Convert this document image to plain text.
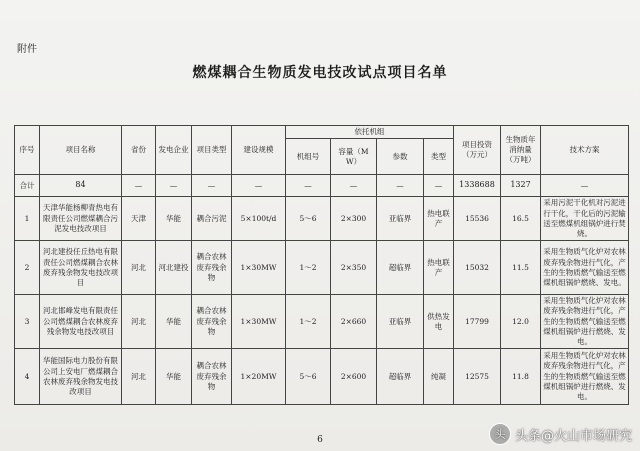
附件
燃煤耦合生物质发电技改试点项目名单
序号	项目名称	省份	发电企业	项目类型	建设规模	依托机组				项目投资（万元）	生物质年消纳量（万吨）	技术方案
						机组号	容量（MW）	参数	类型			
合计	84	—	—	—	—	—	—	—	—	1338688	1327	—
1	天津华能杨柳青热电有限责任公司燃煤耦合污泥发电技改项目	天津	华能	耦合污泥	5×100t/d	5～6	2×300	亚临界	热电联产	15536	16.5	采用污泥干化机对污泥进行干化，干化后的污泥输送至燃煤机组锅炉进行焚烧。
2	河北建投任丘热电有限责任公司燃煤耦合农林废弃残余物发电技改项目	河北	河北建投	耦合农林废弃残余物	1×30MW	1～2	2×350	超临界	热电联产	15032	11.5	采用生物质气化炉对农林废弃残余物进行气化，产生的生物质燃气输送至燃煤机组锅炉燃烧、发电。
3	河北邯峰发电有限责任公司燃煤耦合农林废弃残余物发电技改项目	河北	华能	耦合农林废弃残余物	1×30MW	1～2	2×660	亚临界	供热发电	17799	12.0	采用生物质气化炉对农林废弃残余物进行气化，产生的生物质燃气输送至燃煤机组锅炉进行燃烧、发电。
4	华能国际电力股份有限公司上安电厂燃煤耦合农林废弃残余物发电技改项目	河北	华能	耦合农林废弃残余物	1×20MW	5～6	2×600	超临界	纯凝	12575	11.8	采用生物质气化炉对农林废弃残余物进行气化，产生的生物质燃气输送至燃煤机组锅炉进行燃烧、发电。
6	头 头条@火山市场研究
